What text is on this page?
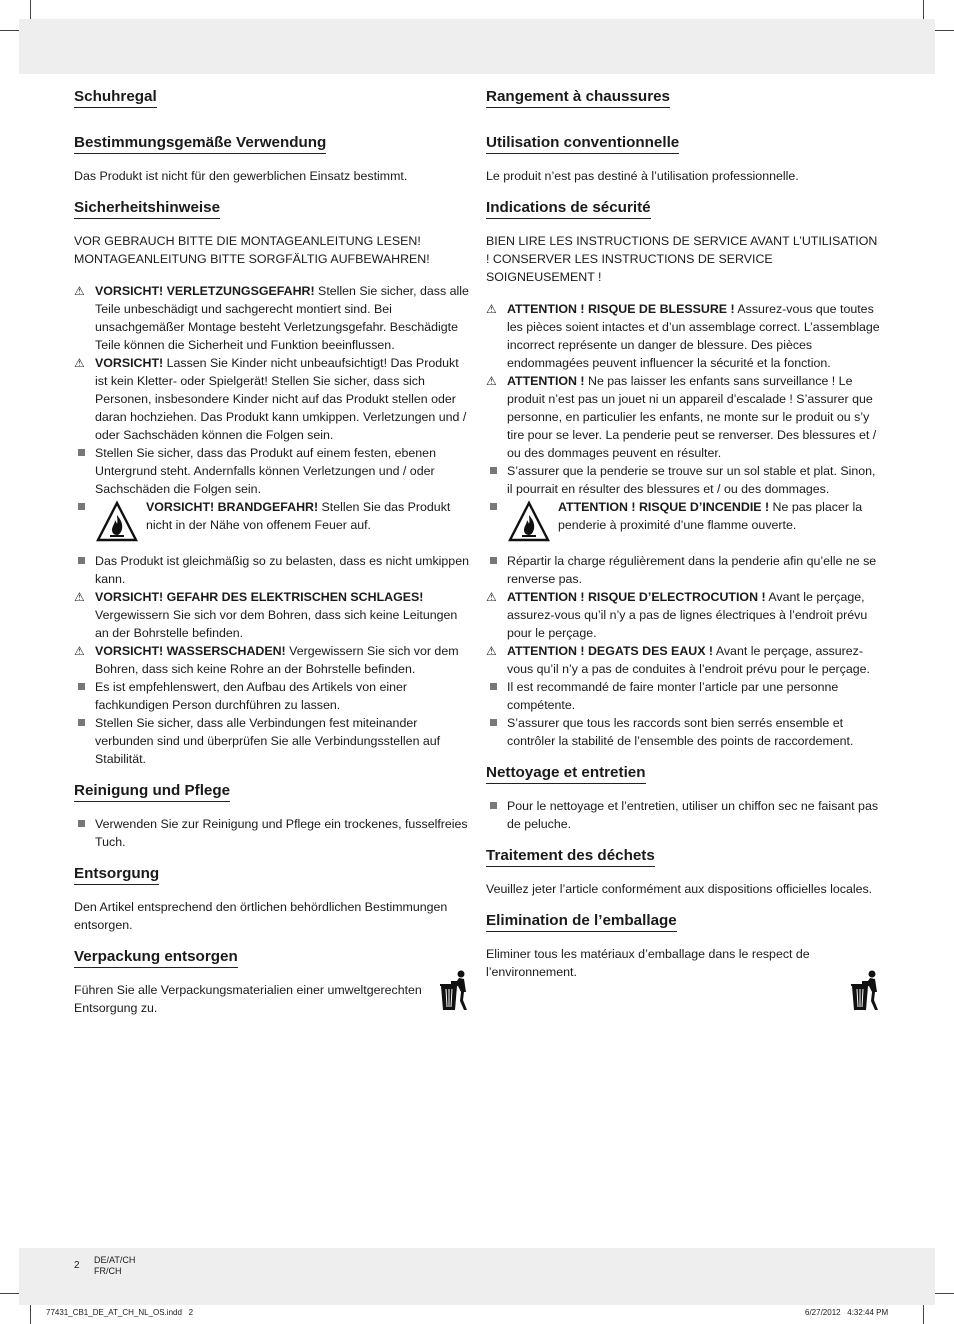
Schuhregal
Bestimmungsgemäße Verwendung

Das Produkt ist nicht für den gewerblichen Einsatz bestimmt.

Sicherheitshinweise

VOR GEBRAUCH BITTE DIE MONTAGEANLEITUNG LESEN! MONTAGEANLEITUNG BITTE SORGFÄLTIG AUFBEWAHREN!

⚠ VORSICHT! VERLETZUNGSGEFAHR! Stellen Sie sicher, dass alle Teile unbeschädigt und sachgerecht montiert sind. Bei unsachgemäßer Montage besteht Verletzungsgefahr. Beschädigte Teile können die Sicherheit und Funktion beeinflussen.
⚠ VORSICHT! Lassen Sie Kinder nicht unbeaufsichtigt! Das Produkt ist kein Kletter- oder Spielgerät! Stellen Sie sicher, dass sich Personen, insbesondere Kinder nicht auf das Produkt stellen oder daran hochziehen. Das Produkt kann umkippen. Verletzungen und / oder Sachschäden können die Folgen sein.
Stellen Sie sicher, dass das Produkt auf einem festen, ebenen Untergrund steht. Andernfalls können Verletzungen und / oder Sachschäden die Folgen sein.
VORSICHT! BRANDGEFAHR! Stellen Sie das Produkt nicht in der Nähe von offenem Feuer auf.
Das Produkt ist gleichmäßig so zu belasten, dass es nicht umkippen kann.
⚠ VORSICHT! GEFAHR DES ELEKTRISCHEN SCHLAGES! Vergewissern Sie sich vor dem Bohren, dass sich keine Leitungen an der Bohrstelle befinden.
⚠ VORSICHT! WASSERSCHADEN! Vergewissern Sie sich vor dem Bohren, dass sich keine Rohre an der Bohrstelle befinden.
Es ist empfehlenswert, den Aufbau des Artikels von einer fachkundigen Person durchführen zu lassen.
Stellen Sie sicher, dass alle Verbindungen fest miteinander verbunden sind und überprüfen Sie alle Verbindungsstellen auf Stabilität.
Reinigung und Pflege
Verwenden Sie zur Reinigung und Pflege ein trockenes, fusselfreies Tuch.
Entsorgung

Den Artikel entsprechend den örtlichen behördlichen Bestimmungen entsorgen.

Verpackung entsorgen

Führen Sie alle Verpackungsmaterialien einer umweltgerechten Entsorgung zu.

Rangement à chaussures
Utilisation conventionnelle

Le produit n’est pas destiné à l’utilisation professionnelle.

Indications de sécurité

BIEN LIRE LES INSTRUCTIONS DE SERVICE AVANT L’UTILISATION ! CONSERVER LES INSTRUCTIONS DE SERVICE SOIGNEUSEMENT !

⚠ ATTENTION ! RISQUE DE BLESSURE ! Assurez-vous que toutes les pièces soient intactes et d’un assemblage correct. L’assemblage incorrect représente un danger de blessure. Des pièces endommagées peuvent influencer la sécurité et la fonction.
⚠ ATTENTION ! Ne pas laisser les enfants sans surveillance ! Le produit n’est pas un jouet ni un appareil d’escalade ! S’assurer que personne, en particulier les enfants, ne monte sur le produit ou s’y tire pour se lever. La penderie peut se renverser. Des blessures et / ou des dommages peuvent en résulter.
S’assurer que la penderie se trouve sur un sol stable et plat. Sinon, il pourrait en résulter des blessures et / ou des dommages.
ATTENTION ! RISQUE D’INCENDIE ! Ne pas placer la penderie à proximité d’une flamme ouverte.
Répartir la charge régulièrement dans la penderie afin qu’elle ne se renverse pas.
⚠ ATTENTION ! RISQUE D’ELECTROCUTION ! Avant le perçage, assurez-vous qu’il n’y a pas de lignes électriques à l’endroit prévu pour le perçage.
⚠ ATTENTION ! DEGATS DES EAUX ! Avant le perçage, assurez-vous qu’il n’y a pas de conduites à l’endroit prévu pour le perçage.
Il est recommandé de faire monter l’article par une personne compétente.
S’assurer que tous les raccords sont bien serrés ensemble et contrôler la stabilité de l’ensemble des points de raccordement.
Nettoyage et entretien
Pour le nettoyage et l’entretien, utiliser un chiffon sec ne faisant pas de peluche.
Traitement des déchets

Veuillez jeter l’article conformément aux dispositions officielles locales.

Elimination de l’emballage

Eliminer tous les matériaux d’emballage dans le respect de l’environnement.

2 DE/AT/CH
FR/CH
77431_CB1_DE_AT_CH_NL_OS.indd   2	6/27/2012   4:32:44 PM
